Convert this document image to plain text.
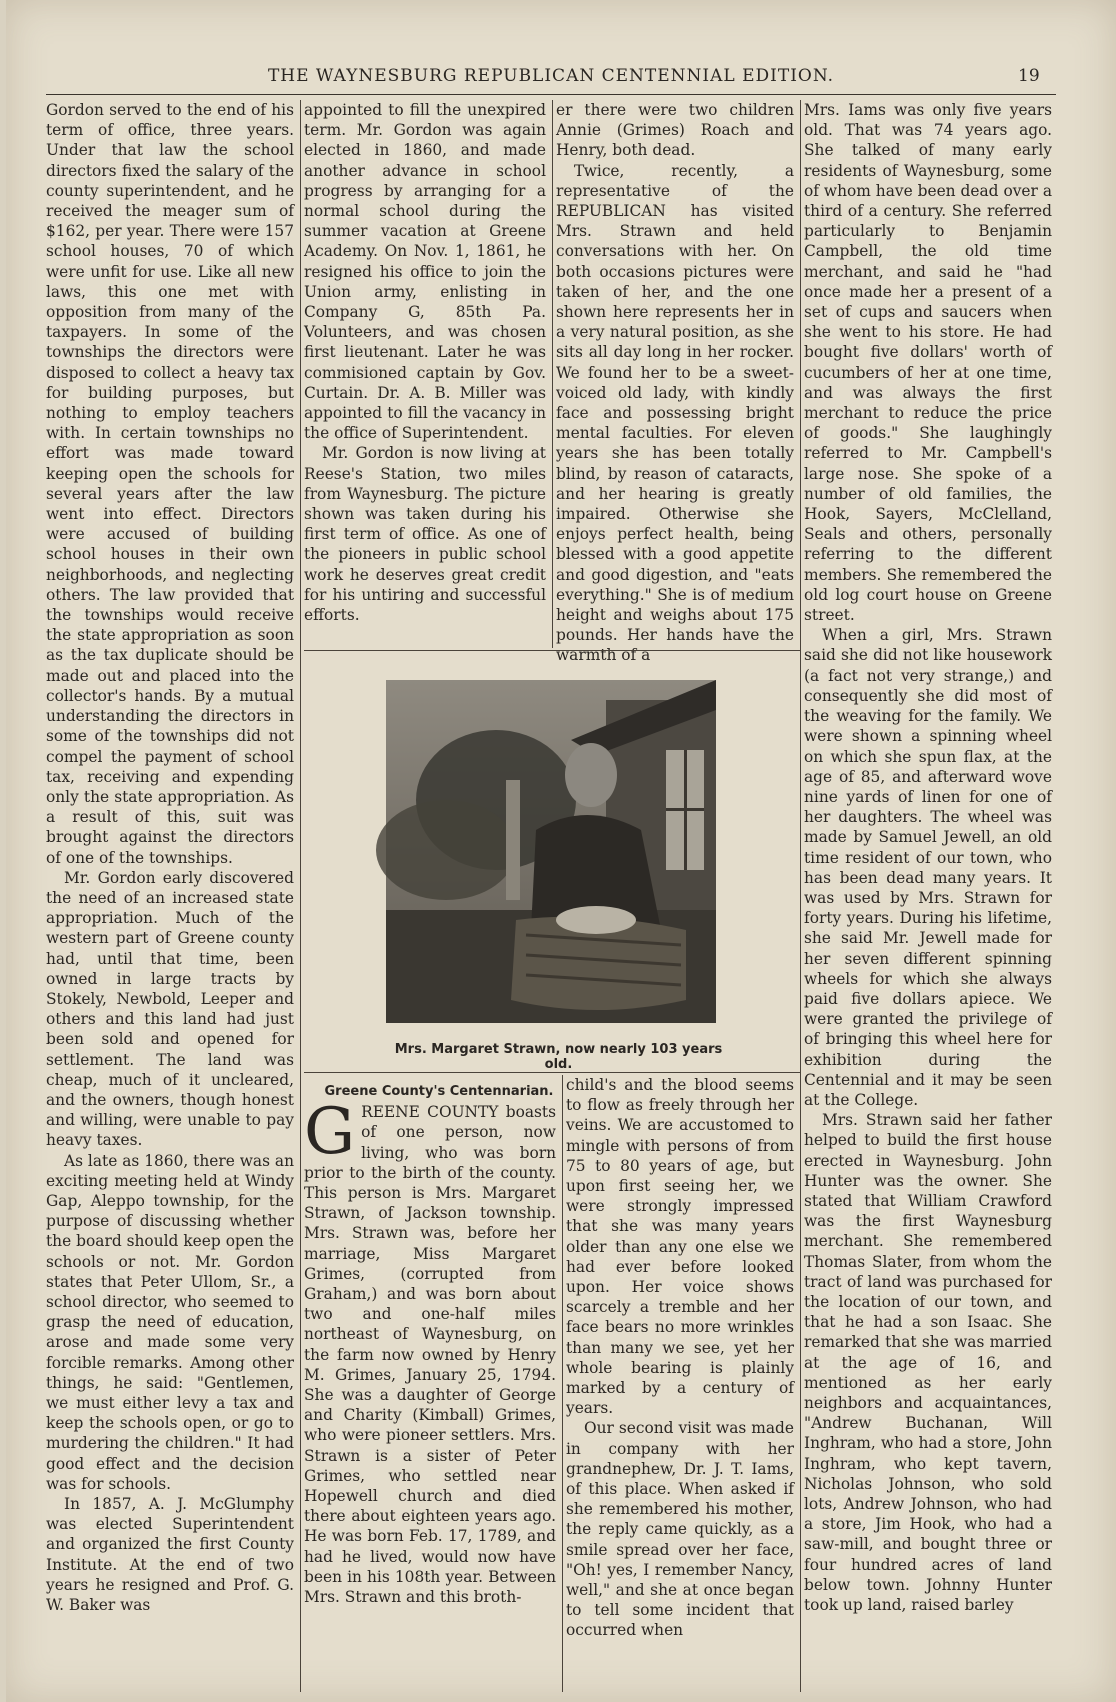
THE WAYNESBURG REPUBLICAN CENTENNIAL EDITION.	19

Gordon served to the end of his term of office, three years. Under that law the school directors fixed the salary of the county superintendent, and he received the meager sum of $162, per year. There were 157 school houses, 70 of which were unfit for use. Like all new laws, this one met with opposition from many of the taxpayers. In some of the townships the directors were disposed to collect a heavy tax for building purposes, but nothing to employ teachers with. In certain townships no effort was made toward keeping open the schools for several years after the law went into effect. Directors were accused of building school houses in their own neighborhoods, and neglecting others. The law provided that the townships would receive the state appropriation as soon as the tax duplicate should be made out and placed into the collector's hands. By a mutual understanding the directors in some of the townships did not compel the payment of school tax, receiving and expending only the state appropriation. As a result of this, suit was brought against the directors of one of the townships.

Mr. Gordon early discovered the need of an increased state appropriation. Much of the western part of Greene county had, until that time, been owned in large tracts by Stokely, Newbold, Leeper and others and this land had just been sold and opened for settlement. The land was cheap, much of it uncleared, and the owners, though honest and willing, were unable to pay heavy taxes.

As late as 1860, there was an exciting meeting held at Windy Gap, Aleppo township, for the purpose of discussing whether the board should keep open the schools or not. Mr. Gordon states that Peter Ullom, Sr., a school director, who seemed to grasp the need of education, arose and made some very forcible remarks. Among other things, he said: "Gentlemen, we must either levy a tax and keep the schools open, or go to murdering the children." It had good effect and the decision was for schools.

In 1857, A. J. McGlumphy was elected Superintendent and organized the first County Institute. At the end of two years he resigned and Prof. G. W. Baker was

appointed to fill the unexpired term. Mr. Gordon was again elected in 1860, and made another advance in school progress by arranging for a normal school during the summer vacation at Greene Academy. On Nov. 1, 1861, he resigned his office to join the Union army, enlisting in Company G, 85th Pa. Volunteers, and was chosen first lieutenant. Later he was commisioned captain by Gov. Curtain. Dr. A. B. Miller was appointed to fill the vacancy in the office of Superintendent.

Mr. Gordon is now living at Reese's Station, two miles from Waynesburg. The picture shown was taken during his first term of office. As one of the pioneers in public school work he deserves great credit for his untiring and successful efforts.

er there were two children Annie (Grimes) Roach and Henry, both dead.

Twice, recently, a representative of the REPUBLICAN has visited Mrs. Strawn and held conversations with her. On both occasions pictures were taken of her, and the one shown here represents her in a very natural position, as she sits all day long in her rocker. We found her to be a sweet-voiced old lady, with kindly face and possessing bright mental faculties. For eleven years she has been totally blind, by reason of cataracts, and her hearing is greatly impaired. Otherwise she enjoys perfect health, being blessed with a good appetite and good digestion, and "eats everything." She is of medium height and weighs about 175 pounds. Her hands have the warmth of a

Mrs. Iams was only five years old. That was 74 years ago. She talked of many early residents of Waynesburg, some of whom have been dead over a third of a century. She referred particularly to Benjamin Campbell, the old time merchant, and said he "had once made her a present of a set of cups and saucers when she went to his store. He had bought five dollars' worth of cucumbers of her at one time, and was always the first merchant to reduce the price of goods." She laughingly referred to Mr. Campbell's large nose. She spoke of a number of old families, the Hook, Sayers, McClelland, Seals and others, personally referring to the different members. She remembered the old log court house on Greene street.

When a girl, Mrs. Strawn said she did not like housework (a fact not very strange,) and consequently she did most of the weaving for the family. We were shown a spinning wheel on which she spun flax, at the age of 85, and afterward wove nine yards of linen for one of her daughters. The wheel was made by Samuel Jewell, an old time resident of our town, who has been dead many years. It was used by Mrs. Strawn for forty years. During his lifetime, she said Mr. Jewell made for her seven different spinning wheels for which she always paid five dollars apiece. We were granted the privilege of of bringing this wheel here for exhibition during the Centennial and it may be seen at the College.

Mrs. Strawn said her father helped to build the first house erected in Waynesburg. John Hunter was the owner. She stated that William Crawford was the first Waynesburg merchant. She remembered Thomas Slater, from whom the tract of land was purchased for the location of our town, and that he had a son Isaac. She remarked that she was married at the age of 16, and mentioned as her early neighbors and acquaintances, "Andrew Buchanan, Will Inghram, who had a store, John Inghram, who kept tavern, Nicholas Johnson, who sold lots, Andrew Johnson, who had a store, Jim Hook, who had a saw-mill, and bought three or four hundred acres of land below town. Johnny Hunter took up land, raised barley

Mrs. Margaret Strawn, now nearly 103 years old.

Greene County's Centennarian.

GREENE COUNTY boasts of one person, now living, who was born prior to the birth of the county. This person is Mrs. Margaret Strawn, of Jackson township. Mrs. Strawn was, before her marriage, Miss Margaret Grimes, (corrupted from Graham,) and was born about two and one-half miles northeast of Waynesburg, on the farm now owned by Henry M. Grimes, January 25, 1794. She was a daughter of George and Charity (Kimball) Grimes, who were pioneer settlers. Mrs. Strawn is a sister of Peter Grimes, who settled near Hopewell church and died there about eighteen years ago. He was born Feb. 17, 1789, and had he lived, would now have been in his 108th year. Between Mrs. Strawn and this broth-

child's and the blood seems to flow as freely through her veins. We are accustomed to mingle with persons of from 75 to 80 years of age, but upon first seeing her, we were strongly impressed that she was many years older than any one else we had ever before looked upon. Her voice shows scarcely a tremble and her face bears no more wrinkles than many we see, yet her whole bearing is plainly marked by a century of years.

Our second visit was made in company with her grandnephew, Dr. J. T. Iams, of this place. When asked if she remembered his mother, the reply came quickly, as a smile spread over her face, "Oh! yes, I remember Nancy, well," and she at once began to tell some incident that occurred when
